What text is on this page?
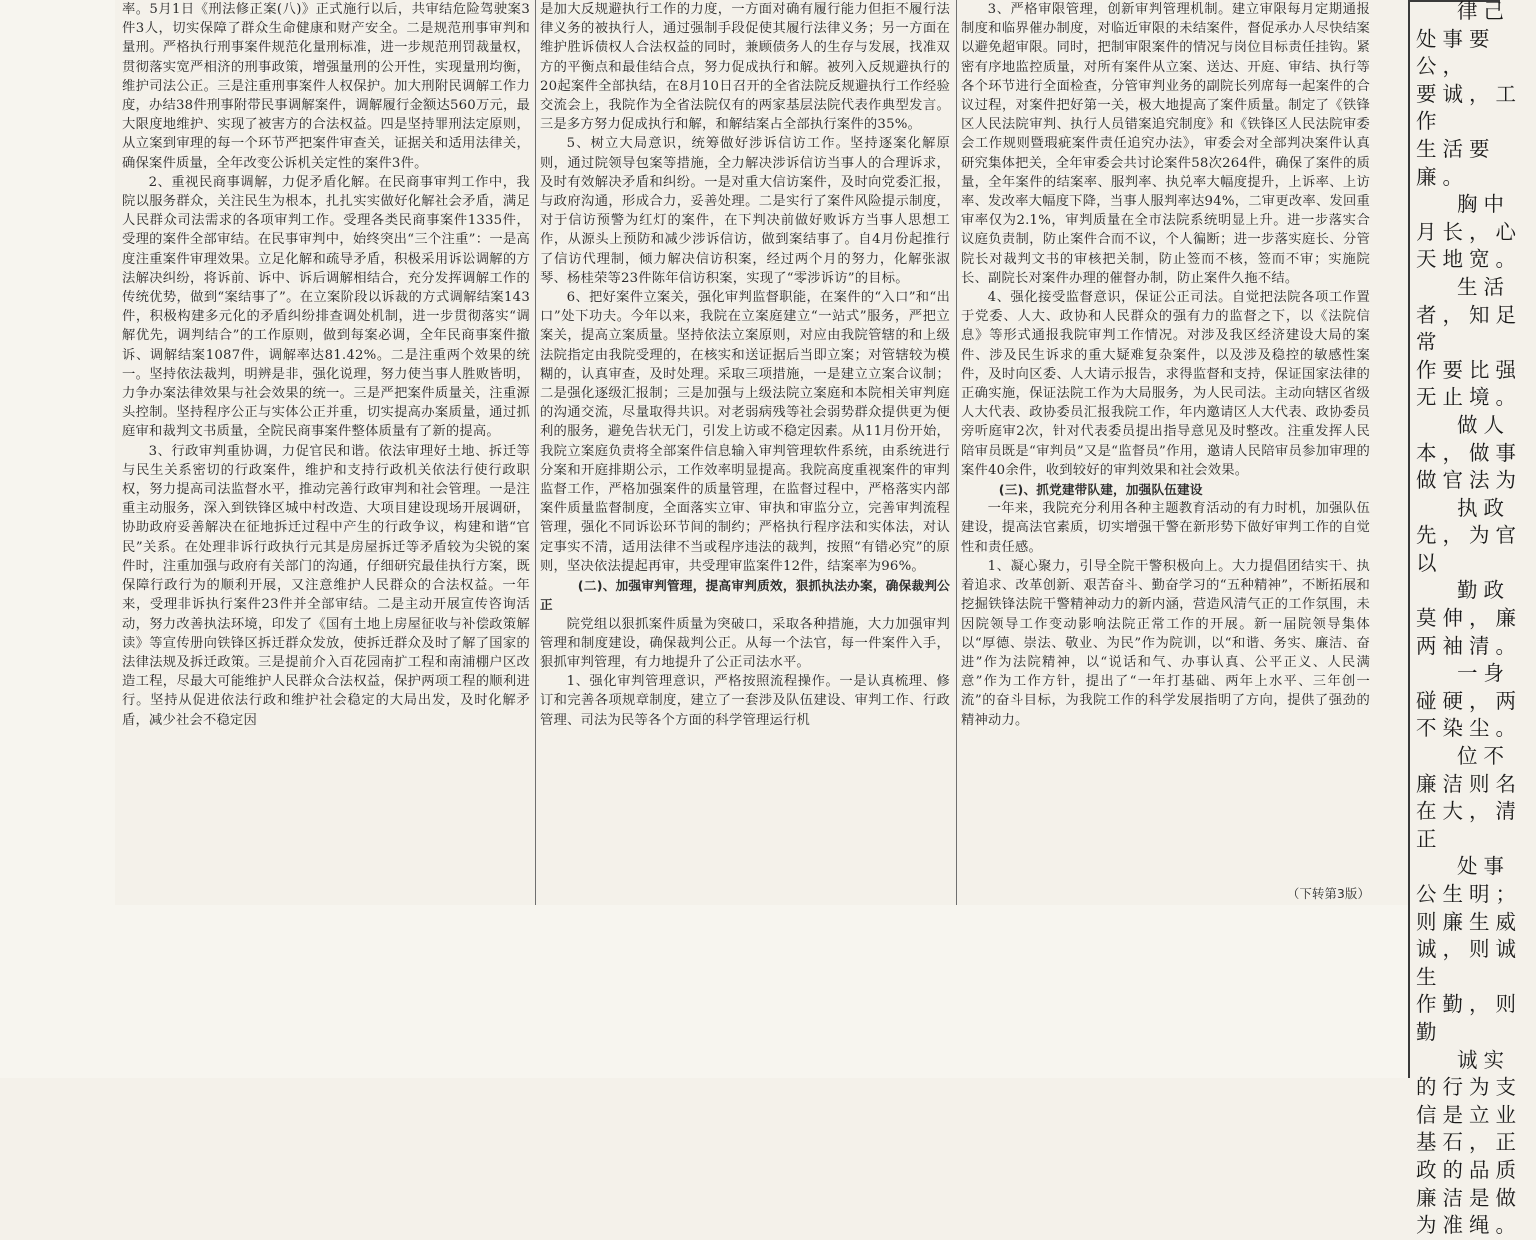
率。5月1日《刑法修正案(八)》正式施行以后，共审结危险驾驶案3件3人，切实保障了群众生命健康和财产安全。二是规范刑事审判和量刑。严格执行刑事案件规范化量刑标准，进一步规范刑罚裁量权，贯彻落实宽严相济的刑事政策，增强量刑的公开性，实现量刑均衡，维护司法公正。三是注重刑事案件人权保护。加大刑附民调解工作力度，办结38件刑事附带民事调解案件，调解履行金额达560万元，最大限度地维护、实现了被害方的合法权益。四是坚持罪刑法定原则，从立案到审理的每一个环节严把案件审查关，证据关和适用法律关，确保案件质量，全年改变公诉机关定性的案件3件。

2、重视民商事调解，力促矛盾化解。在民商事审判工作中，我院以服务群众，关注民生为根本，扎扎实实做好化解社会矛盾，满足人民群众司法需求的各项审判工作。受理各类民商事案件1335件，受理的案件全部审结。在民事审判中，始终突出“三个注重”：一是高度注重案件审理效果。立足化解和疏导矛盾，积极采用诉讼调解的方法解决纠纷，将诉前、诉中、诉后调解相结合，充分发挥调解工作的传统优势，做到“案结事了”。在立案阶段以诉裁的方式调解结案143件，积极构建多元化的矛盾纠纷排查调处机制，进一步贯彻落实“调解优先，调判结合”的工作原则，做到每案必调，全年民商事案件撤诉、调解结案1087件，调解率达81.42%。二是注重两个效果的统一。坚持依法裁判，明辨是非，强化说理，努力使当事人胜败皆明，力争办案法律效果与社会效果的统一。三是严把案件质量关，注重源头控制。坚持程序公正与实体公正并重，切实提高办案质量，通过抓庭审和裁判文书质量，全院民商事案件整体质量有了新的提高。

3、行政审判重协调，力促官民和谐。依法审理好土地、拆迁等与民生关系密切的行政案件，维护和支持行政机关依法行使行政职权，努力提高司法监督水平，推动完善行政审判和社会管理。一是注重主动服务，深入到铁锋区城中村改造、大项目建设现场开展调研，协助政府妥善解决在征地拆迁过程中产生的行政争议，构建和谐“官民”关系。在处理非诉行政执行元其是房屋拆迁等矛盾较为尖锐的案件时，注重加强与政府有关部门的沟通，仔细研究最佳执行方案，既保障行政行为的顺利开展，又注意维护人民群众的合法权益。一年来，受理非诉执行案件23件并全部审结。二是主动开展宣传咨询活动，努力改善执法环境，印发了《国有土地上房屋征收与补偿政策解读》等宣传册向铁锋区拆迁群众发放，使拆迁群众及时了解了国家的法律法规及拆迁政策。三是提前介入百花园南扩工程和南浦棚户区改造工程，尽最大可能维护人民群众合法权益，保护两项工程的顺利进行。坚持从促进依法行政和维护社会稳定的大局出发，及时化解矛盾，减少社会不稳定因

是加大反规避执行工作的力度，一方面对确有履行能力但拒不履行法律义务的被执行人，通过强制手段促使其履行法律义务；另一方面在维护胜诉债权人合法权益的同时，兼顾债务人的生存与发展，找准双方的平衡点和最佳结合点，努力促成执行和解。被列入反规避执行的20起案件全部执结，在8月10日召开的全省法院反规避执行工作经验交流会上，我院作为全省法院仅有的两家基层法院代表作典型发言。三是多方努力促成执行和解，和解结案占全部执行案件的35%。

5、树立大局意识，统筹做好涉诉信访工作。坚持逐案化解原则，通过院领导包案等措施，全力解决涉诉信访当事人的合理诉求，及时有效解决矛盾和纠纷。一是对重大信访案件，及时向党委汇报，与政府沟通，形成合力，妥善处理。二是实行了案件风险提示制度，对于信访预警为红灯的案件，在下判决前做好败诉方当事人思想工作，从源头上预防和减少涉诉信访，做到案结事了。自4月份起推行了信访代理制，倾力解决信访积案，经过两个月的努力，化解张淑琴、杨桂荣等23件陈年信访积案，实现了“零涉诉访”的目标。

6、把好案件立案关，强化审判监督职能，在案件的“入口”和“出口”处下功夫。今年以来，我院在立案庭建立“一站式”服务，严把立案关，提高立案质量。坚持依法立案原则，对应由我院管辖的和上级法院指定由我院受理的，在核实和送证据后当即立案；对管辖较为模糊的，认真审查，及时处理。采取三项措施，一是建立立案合议制；二是强化逐级汇报制；三是加强与上级法院立案庭和本院相关审判庭的沟通交流，尽量取得共识。对老弱病残等社会弱势群众提供更为便利的服务，避免告状无门，引发上访或不稳定因素。从11月份开始，我院立案庭负责将全部案件信息输入审判管理软件系统，由系统进行分案和开庭排期公示，工作效率明显提高。我院高度重视案件的审判监督工作，严格加强案件的质量管理，在监督过程中，严格落实内部案件质量监督制度，全面落实立审、审执和审监分立，完善审判流程管理，强化不同诉讼环节间的制约；严格执行程序法和实体法，对认定事实不清，适用法律不当或程序违法的裁判，按照“有错必究”的原则，坚决依法提起再审，共受理审监案件12件，结案率为96%。

(二)、加强审判管理，提高审判质效，狠抓执法办案，确保裁判公正

院党组以狠抓案件质量为突破口，采取各种措施，大力加强审判管理和制度建设，确保裁判公正。从每一个法官，每一件案件入手，狠抓审判管理，有力地提升了公正司法水平。

1、强化审判管理意识，严格按照流程操作。一是认真梳理、修订和完善各项规章制度，建立了一套涉及队伍建设、审判工作、行政管理、司法为民等各个方面的科学管理运行机

3、严格审限管理，创新审判管理机制。建立审限每月定期通报制度和临界催办制度，对临近审限的未结案件，督促承办人尽快结案以避免超审限。同时，把制审限案件的情况与岗位目标责任挂钩。紧密有序地监控质量，对所有案件从立案、送达、开庭、审结、执行等各个环节进行全面检查，分管审判业务的副院长列席每一起案件的合议过程，对案件把好第一关，极大地提高了案件质量。制定了《铁锋区人民法院审判、执行人员错案追究制度》和《铁锋区人民法院审委会工作规则暨瑕疵案件责任追究办法》，审委会对全部判决案件认真研究集体把关，全年审委会共讨论案件58次264件，确保了案件的质量，全年案件的结案率、服判率、执兑率大幅度提升，上诉率、上访率、发改率大幅度下降，当事人服判率达94%，二审更改率、发回重审率仅为2.1%，审判质量在全市法院系统明显上升。进一步落实合议庭负责制，防止案件合而不议，个人徧断；进一步落实庭长、分管院长对裁判文书的审核把关制，防止签而不核，签而不审；实施院长、副院长对案件办理的催督办制，防止案件久拖不结。

4、强化接受监督意识，保证公正司法。自觉把法院各项工作置于党委、人大、政协和人民群众的强有力的监督之下，以《法院信息》等形式通报我院审判工作情况。对涉及我区经济建设大局的案件、涉及民生诉求的重大疑难复杂案件，以及涉及稳控的敏感性案件，及时向区委、人大请示报告，求得监督和支持，保证国家法律的正确实施，保证法院工作为大局服务，为人民司法。主动向辖区省级人大代表、政协委员汇报我院工作，年内邀请区人大代表、政协委员旁听庭审2次，针对代表委员提出指导意见及时整改。注重发挥人民陪审员既是“审判员”又是“监督员”作用，邀请人民陪审员参加审理的案件40余件，收到较好的审判效果和社会效果。

(三)、抓党建带队建，加强队伍建设

一年来，我院充分利用各种主题教育活动的有力时机，加强队伍建设，提高法官素质，切实增强干警在新形势下做好审判工作的自觉性和责任感。

1、凝心聚力，引导全院干警积极向上。大力提倡团结实干、执着追求、改革创新、艰苦奋斗、勤奋学习的“五种精神”，不断拓展和挖掘铁锋法院干警精神动力的新内涵，营造风清气正的工作氛围，未因院领导工作变动影响法院正常工作的开展。新一届院领导集体以“厚德、崇法、敬业、为民”作为院训，以“和谐、务实、廉洁、奋进”作为法院精神，以“说话和气、办事认真、公平正义、人民满意”作为工作方针，提出了“一年打基础、两年上水平、三年创一流”的奋斗目标，为我院工作的科学发展指明了方向，提供了强劲的精神动力。

（下转第3版）

律己

处事要公，

要诚，工作

生活要廉。

胸中

月长，心

天地宽。

生活

者，知足常

作要比强

无止境。

做人

本，做事

做官法为

执政

先，为官以

勤政

莫伸，廉

两袖清。

一身

碰硬，两

不染尘。

位不

廉洁则名

在大，清正

处事

公生明；

则廉生威

诚，则诚生

作勤，则勤

诚实

的行为支

信是立业

基石，正

政的品质

廉洁是做

为准绳。
